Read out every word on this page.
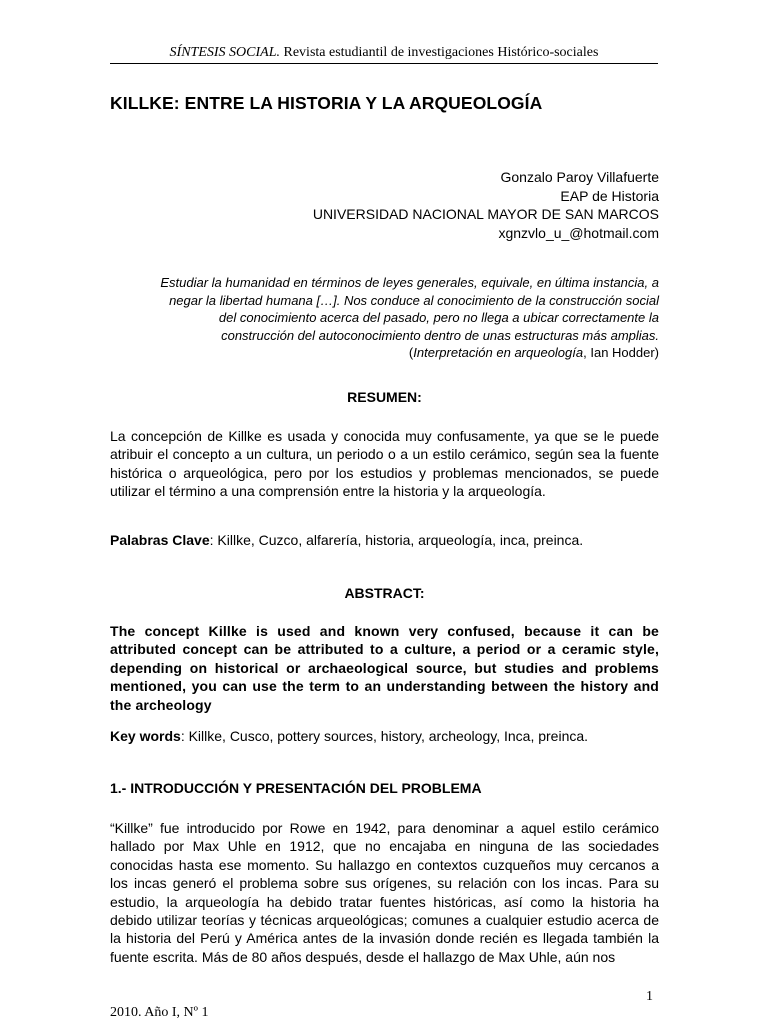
SÍNTESIS SOCIAL. Revista estudiantil de investigaciones Histórico-sociales
KILLKE: ENTRE LA HISTORIA Y LA ARQUEOLOGÍA
Gonzalo Paroy Villafuerte
EAP de Historia
UNIVERSIDAD NACIONAL MAYOR DE SAN MARCOS
xgnzvlo_u_@hotmail.com
Estudiar la humanidad en términos de leyes generales, equivale, en última instancia, a
negar la libertad humana […]. Nos conduce al conocimiento de la construcción social
del conocimiento acerca del pasado, pero no llega a ubicar correctamente la
construcción del autoconocimiento dentro de unas estructuras más amplias.
(Interpretación en arqueología, Ian Hodder)
RESUMEN:

La concepción de Killke es usada y conocida muy confusamente, ya que se le puede atribuir el concepto a un cultura, un periodo o a un estilo cerámico, según sea la fuente histórica o arqueológica, pero por los estudios y problemas mencionados, se puede utilizar el término a una comprensión entre la historia y la arqueología.

Palabras Clave: Killke, Cuzco, alfarería, historia, arqueología, inca, preinca.

ABSTRACT:

The concept Killke is used and known very confused, because it can be attributed concept can be attributed to a culture, a period or a ceramic style, depending on historical or archaeological source, but studies and problems mentioned, you can use the term to an understanding between the history and the archeology

Key words: Killke, Cusco, pottery sources, history, archeology, Inca, preinca.

1.- INTRODUCCIÓN Y PRESENTACIÓN DEL PROBLEMA

“Killke” fue introducido por Rowe en 1942, para denominar a aquel estilo cerámico hallado por Max Uhle en 1912, que no encajaba en ninguna de las sociedades conocidas hasta ese momento. Su hallazgo en contextos cuzqueños muy cercanos a los incas generó el problema sobre sus orígenes, su relación con los incas. Para su estudio, la arqueología ha debido tratar fuentes históricas, así como la historia ha debido utilizar teorías y técnicas arqueológicas; comunes a cualquier estudio acerca de la historia del Perú y América antes de la invasión donde recién es llegada también la fuente escrita. Más de 80 años después, desde el hallazgo de Max Uhle, aún nos

1
2010. Año I, Nº 1
